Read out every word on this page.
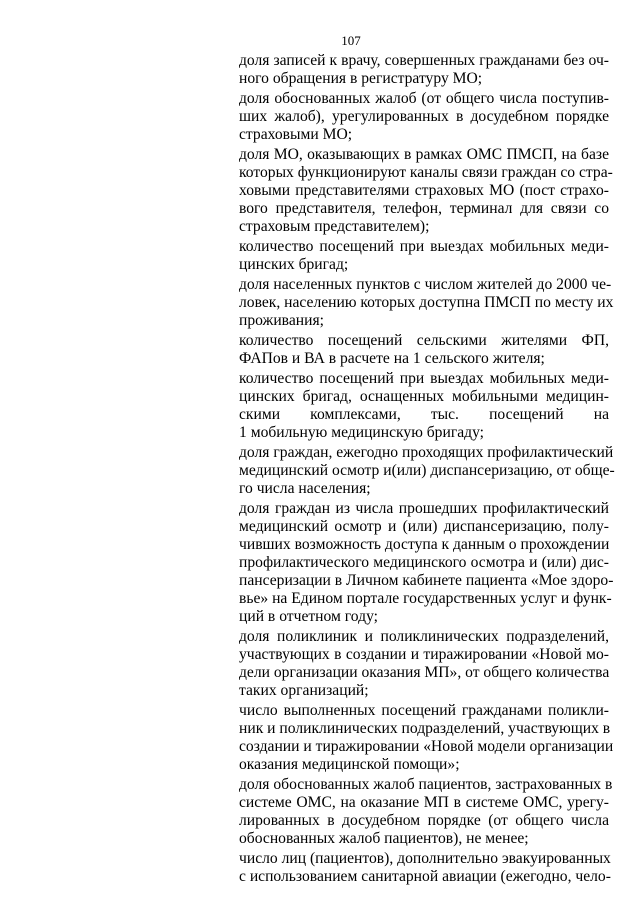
107
доля записей к врачу, совершенных гражданами без оч-
ного обращения в регистратуру МО;
доля обоснованных жалоб (от общего числа поступив-
ших жалоб), урегулированных в досудебном порядке
страховыми МО;
доля МО, оказывающих в рамках ОМС ПМСП, на базе
которых функционируют каналы связи граждан со стра-
ховыми представителями страховых МО (пост страхо-
вого представителя, телефон, терминал для связи со
страховым представителем);
количество посещений при выездах мобильных меди-
цинских бригад;
доля населенных пунктов с числом жителей до 2000 че-
ловек, населению которых доступна ПМСП по месту их
проживания;
количество посещений сельскими жителями ФП,
ФАПов и ВА в расчете на 1 сельского жителя;
количество посещений при выездах мобильных меди-
цинских бригад, оснащенных мобильными медицин-
скими комплексами, тыс. посещений на
1 мобильную медицинскую бригаду;
доля граждан, ежегодно проходящих профилактический
медицинский осмотр и(или) диспансеризацию, от обще-
го числа населения;
доля граждан из числа прошедших профилактический
медицинский осмотр и (или) диспансеризацию, полу-
чивших возможность доступа к данным о прохождении
профилактического медицинского осмотра и (или) дис-
пансеризации в Личном кабинете пациента «Мое здоро-
вье» на Едином портале государственных услуг и функ-
ций в отчетном году;
доля поликлиник и поликлинических подразделений,
участвующих в создании и тиражировании «Новой мо-
дели организации оказания МП», от общего количества
таких организаций;
число выполненных посещений гражданами поликли-
ник и поликлинических подразделений, участвующих в
создании и тиражировании «Новой модели организации
оказания медицинской помощи»;
доля обоснованных жалоб пациентов, застрахованных в
системе ОМС, на оказание МП в системе ОМС, урегу-
лированных в досудебном порядке (от общего числа
обоснованных жалоб пациентов), не менее;
число лиц (пациентов), дополнительно эвакуированных
с использованием санитарной авиации (ежегодно, чело-
